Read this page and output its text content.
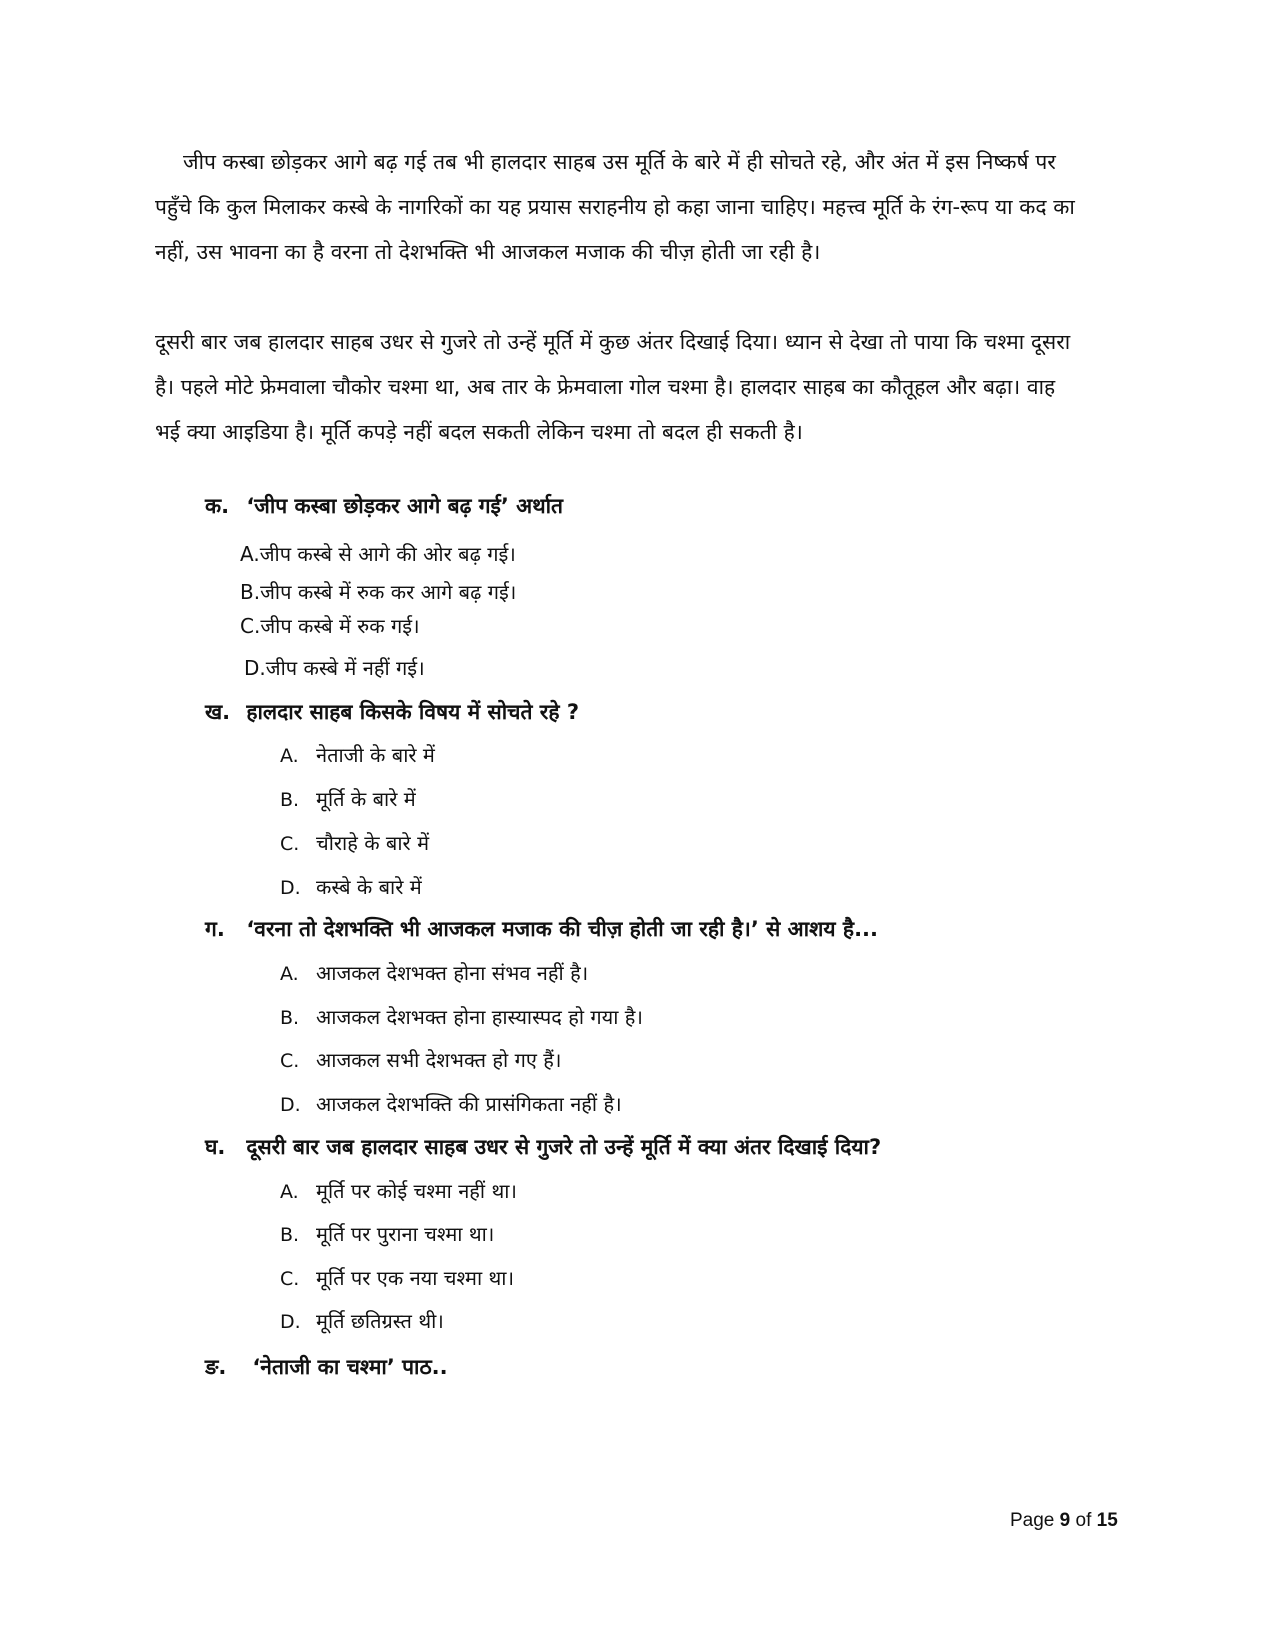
जीप कस्बा छोड़कर आगे बढ़ गई तब भी हालदार साहब उस मूर्ति के बारे में ही सोचते रहे, और अंत में इस निष्कर्ष पर पहुँचे कि कुल मिलाकर कस्बे के नागरिकों का यह प्रयास सराहनीय हो कहा जाना चाहिए। महत्त्व मूर्ति के रंग-रूप या कद का नहीं, उस भावना का है वरना तो देशभक्ति भी आजकल मजाक की चीज़ होती जा रही है।

दूसरी बार जब हालदार साहब उधर से गुजरे तो उन्हें मूर्ति में कुछ अंतर दिखाई दिया। ध्यान से देखा तो पाया कि चश्मा दूसरा है। पहले मोटे फ्रेमवाला चौकोर चश्मा था, अब तार के फ्रेमवाला गोल चश्मा है। हालदार साहब का कौतूहल और बढ़ा। वाह भई क्या आइडिया है। मूर्ति कपड़े नहीं बदल सकती लेकिन चश्मा तो बदल ही सकती है।

क. ‘जीप कस्बा छोड़कर आगे बढ़ गई’ अर्थात

A.जीप कस्बे से आगे की ओर बढ़ गई।

B.जीप कस्बे में रुक कर आगे बढ़ गई।

C.जीप कस्बे में रुक गई।

D.जीप कस्बे में नहीं गई।

ख. हालदार साहब किसके विषय में सोचते रहे ?

A. नेताजी के बारे में

B. मूर्ति के बारे में

C. चौराहे के बारे में

D. कस्बे के बारे में

ग. ‘वरना तो देशभक्ति भी आजकल मजाक की चीज़ होती जा रही है।’ से आशय है...

A. आजकल देशभक्त होना संभव नहीं है।

B. आजकल देशभक्त होना हास्यास्पद हो गया है।

C. आजकल सभी देशभक्त हो गए हैं।

D. आजकल देशभक्ति की प्रासंगिकता नहीं है।

घ. दूसरी बार जब हालदार साहब उधर से गुजरे तो उन्हें मूर्ति में क्या अंतर दिखाई दिया?

A. मूर्ति पर कोई चश्मा नहीं था।

B. मूर्ति पर पुराना चश्मा था।

C. मूर्ति पर एक नया चश्मा था।

D. मूर्ति छतिग्रस्त थी।

ङ. ‘नेताजी का चश्मा’ पाठ..

Page 9 of 15
